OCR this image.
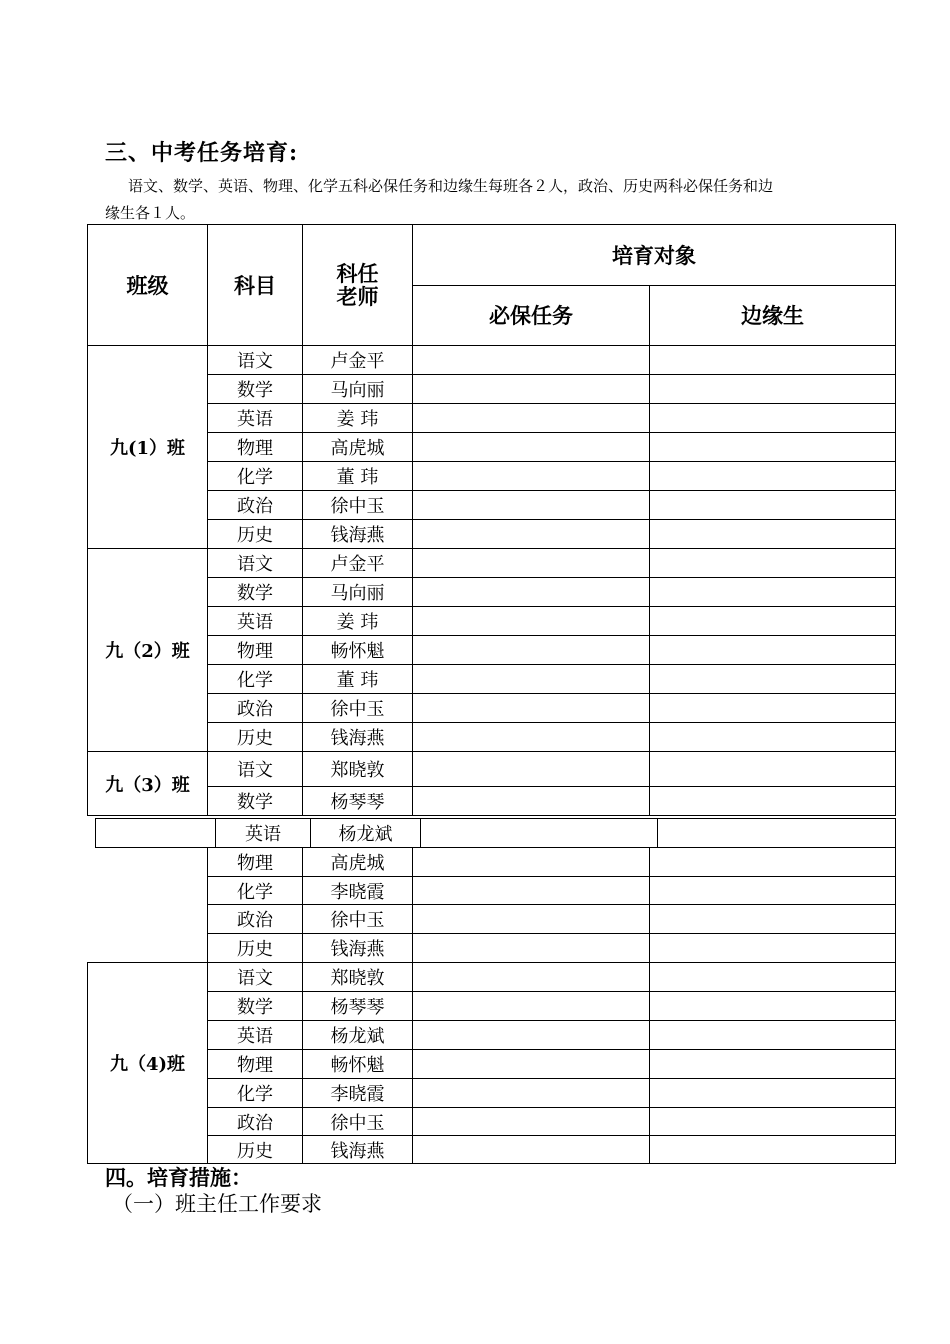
三、中考任务培育:
语文、数学、英语、物理、化学五科必保任务和边缘生每班各２人，政治、历史两科必保任务和边
缘生各１人。
班级	科目	科任
老师	培育对象	
			必保任务	边缘生
九(1）班	语文	卢金平		
	数学	马向丽		
	英语	姜 玮		
	物理	高虎城		
	化学	董 玮		
	政治	徐中玉		
	历史	钱海燕		
九（2）班	语文	卢金平		
	数学	马向丽		
	英语	姜 玮		
	物理	畅怀魁		
	化学	董 玮		
	政治	徐中玉		
	历史	钱海燕		
九（3）班	语文	郑晓敦		
	数学	杨琴琴		
	英语	杨龙斌		
	物理	高虎城		
	化学	李晓霞		
	政治	徐中玉		
	历史	钱海燕		
九（4)班	语文	郑晓敦		
	数学	杨琴琴		
	英语	杨龙斌		
	物理	畅怀魁		
	化学	李晓霞		
	政治	徐中玉		
	历史	钱海燕		
四。培育措施：
（一）班主任工作要求
